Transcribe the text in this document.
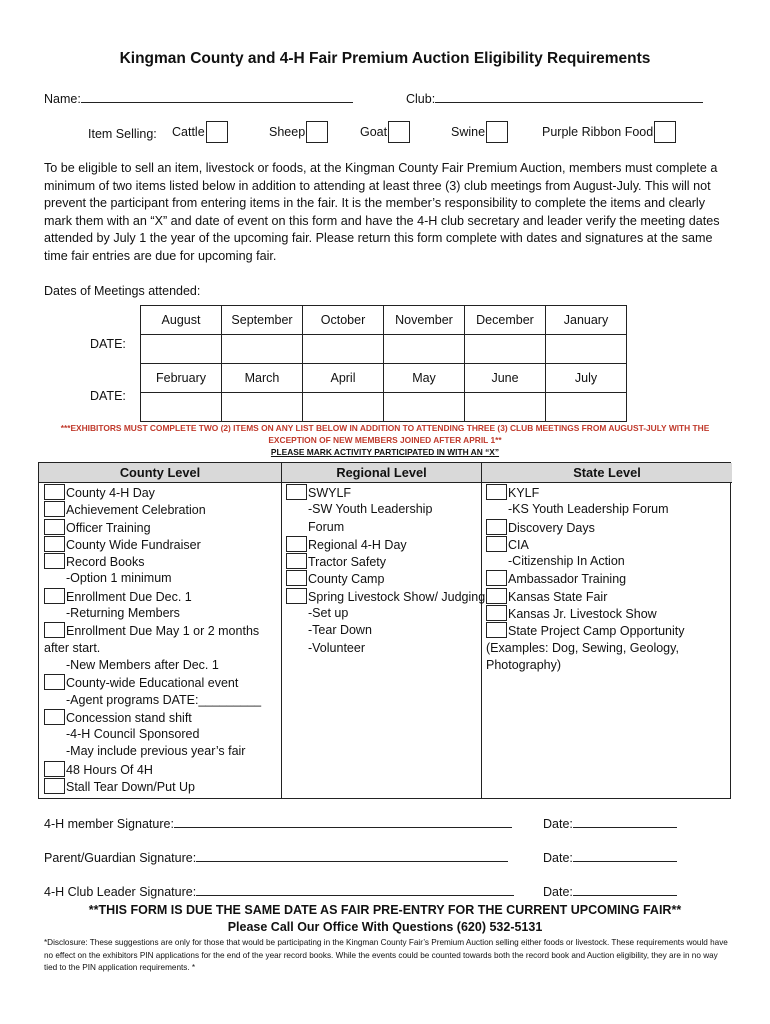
Kingman County and 4-H Fair Premium Auction Eligibility Requirements
Name:	Club:
Item Selling: Cattle	Sheep	Goat	Swine	Purple Ribbon Food
To be eligible to sell an item, livestock or foods, at the Kingman County Fair Premium Auction, members must complete a minimum of two items listed below in addition to attending at least three (3) club meetings from August-July. This will not prevent the participant from entering items in the fair. It is the member’s responsibility to complete the items and clearly mark them with an “X” and date of event on this form and have the 4-H club secretary and leader verify the meeting dates attended by July 1 the year of the upcoming fair. Please return this form complete with dates and signatures at the same time fair entries are due for upcoming fair.
Dates of Meetings attended:
August	September	October	November	December	January

February	March	April	May	June	July

DATE:
DATE:
***EXHIBITORS MUST COMPLETE TWO (2) ITEMS ON ANY LIST BELOW IN ADDITION TO ATTENDING THREE (3) CLUB MEETINGS FROM AUGUST-JULY WITH THE
EXCEPTION OF NEW MEMBERS JOINED AFTER APRIL 1**
PLEASE MARK ACTIVITY PARTICIPATED IN WITH AN “X”
County Level	Regional Level	State Level
County 4-H Day
Achievement Celebration
Officer Training
County Wide Fundraiser
Record Books
-Option 1 minimum
Enrollment Due Dec. 1
-Returning Members
Enrollment Due May 1 or 2 months
after start.
-New Members after Dec. 1
County-wide Educational event
-Agent programs DATE:_________
Concession stand shift
-4-H Council Sponsored
-May include previous year’s fair
48 Hours Of 4H
Stall Tear Down/Put Up
SWYLF
-SW Youth Leadership
Forum
Regional 4-H Day
Tractor Safety
County Camp
Spring Livestock Show/ Judging
-Set up
-Tear Down
-Volunteer
KYLF
-KS Youth Leadership Forum
Discovery Days
CIA
-Citizenship In Action
Ambassador Training
Kansas State Fair
Kansas Jr. Livestock Show
State Project Camp Opportunity
(Examples: Dog, Sewing, Geology,
Photography)
4-H member Signature:	Date:
Parent/Guardian Signature:	Date:
4-H Club Leader Signature:	Date:
**THIS FORM IS DUE THE SAME DATE AS FAIR PRE-ENTRY FOR THE CURRENT UPCOMING FAIR**
Please Call Our Office With Questions (620) 532-5131
*Disclosure: These suggestions are only for those that would be participating in the Kingman County Fair’s Premium Auction selling either foods or livestock. These requirements would have no effect on the exhibitors PIN applications for the end of the year record books. While the events could be counted towards both the record book and Auction eligibility, they are in no way tied to the PIN application requirements. *
